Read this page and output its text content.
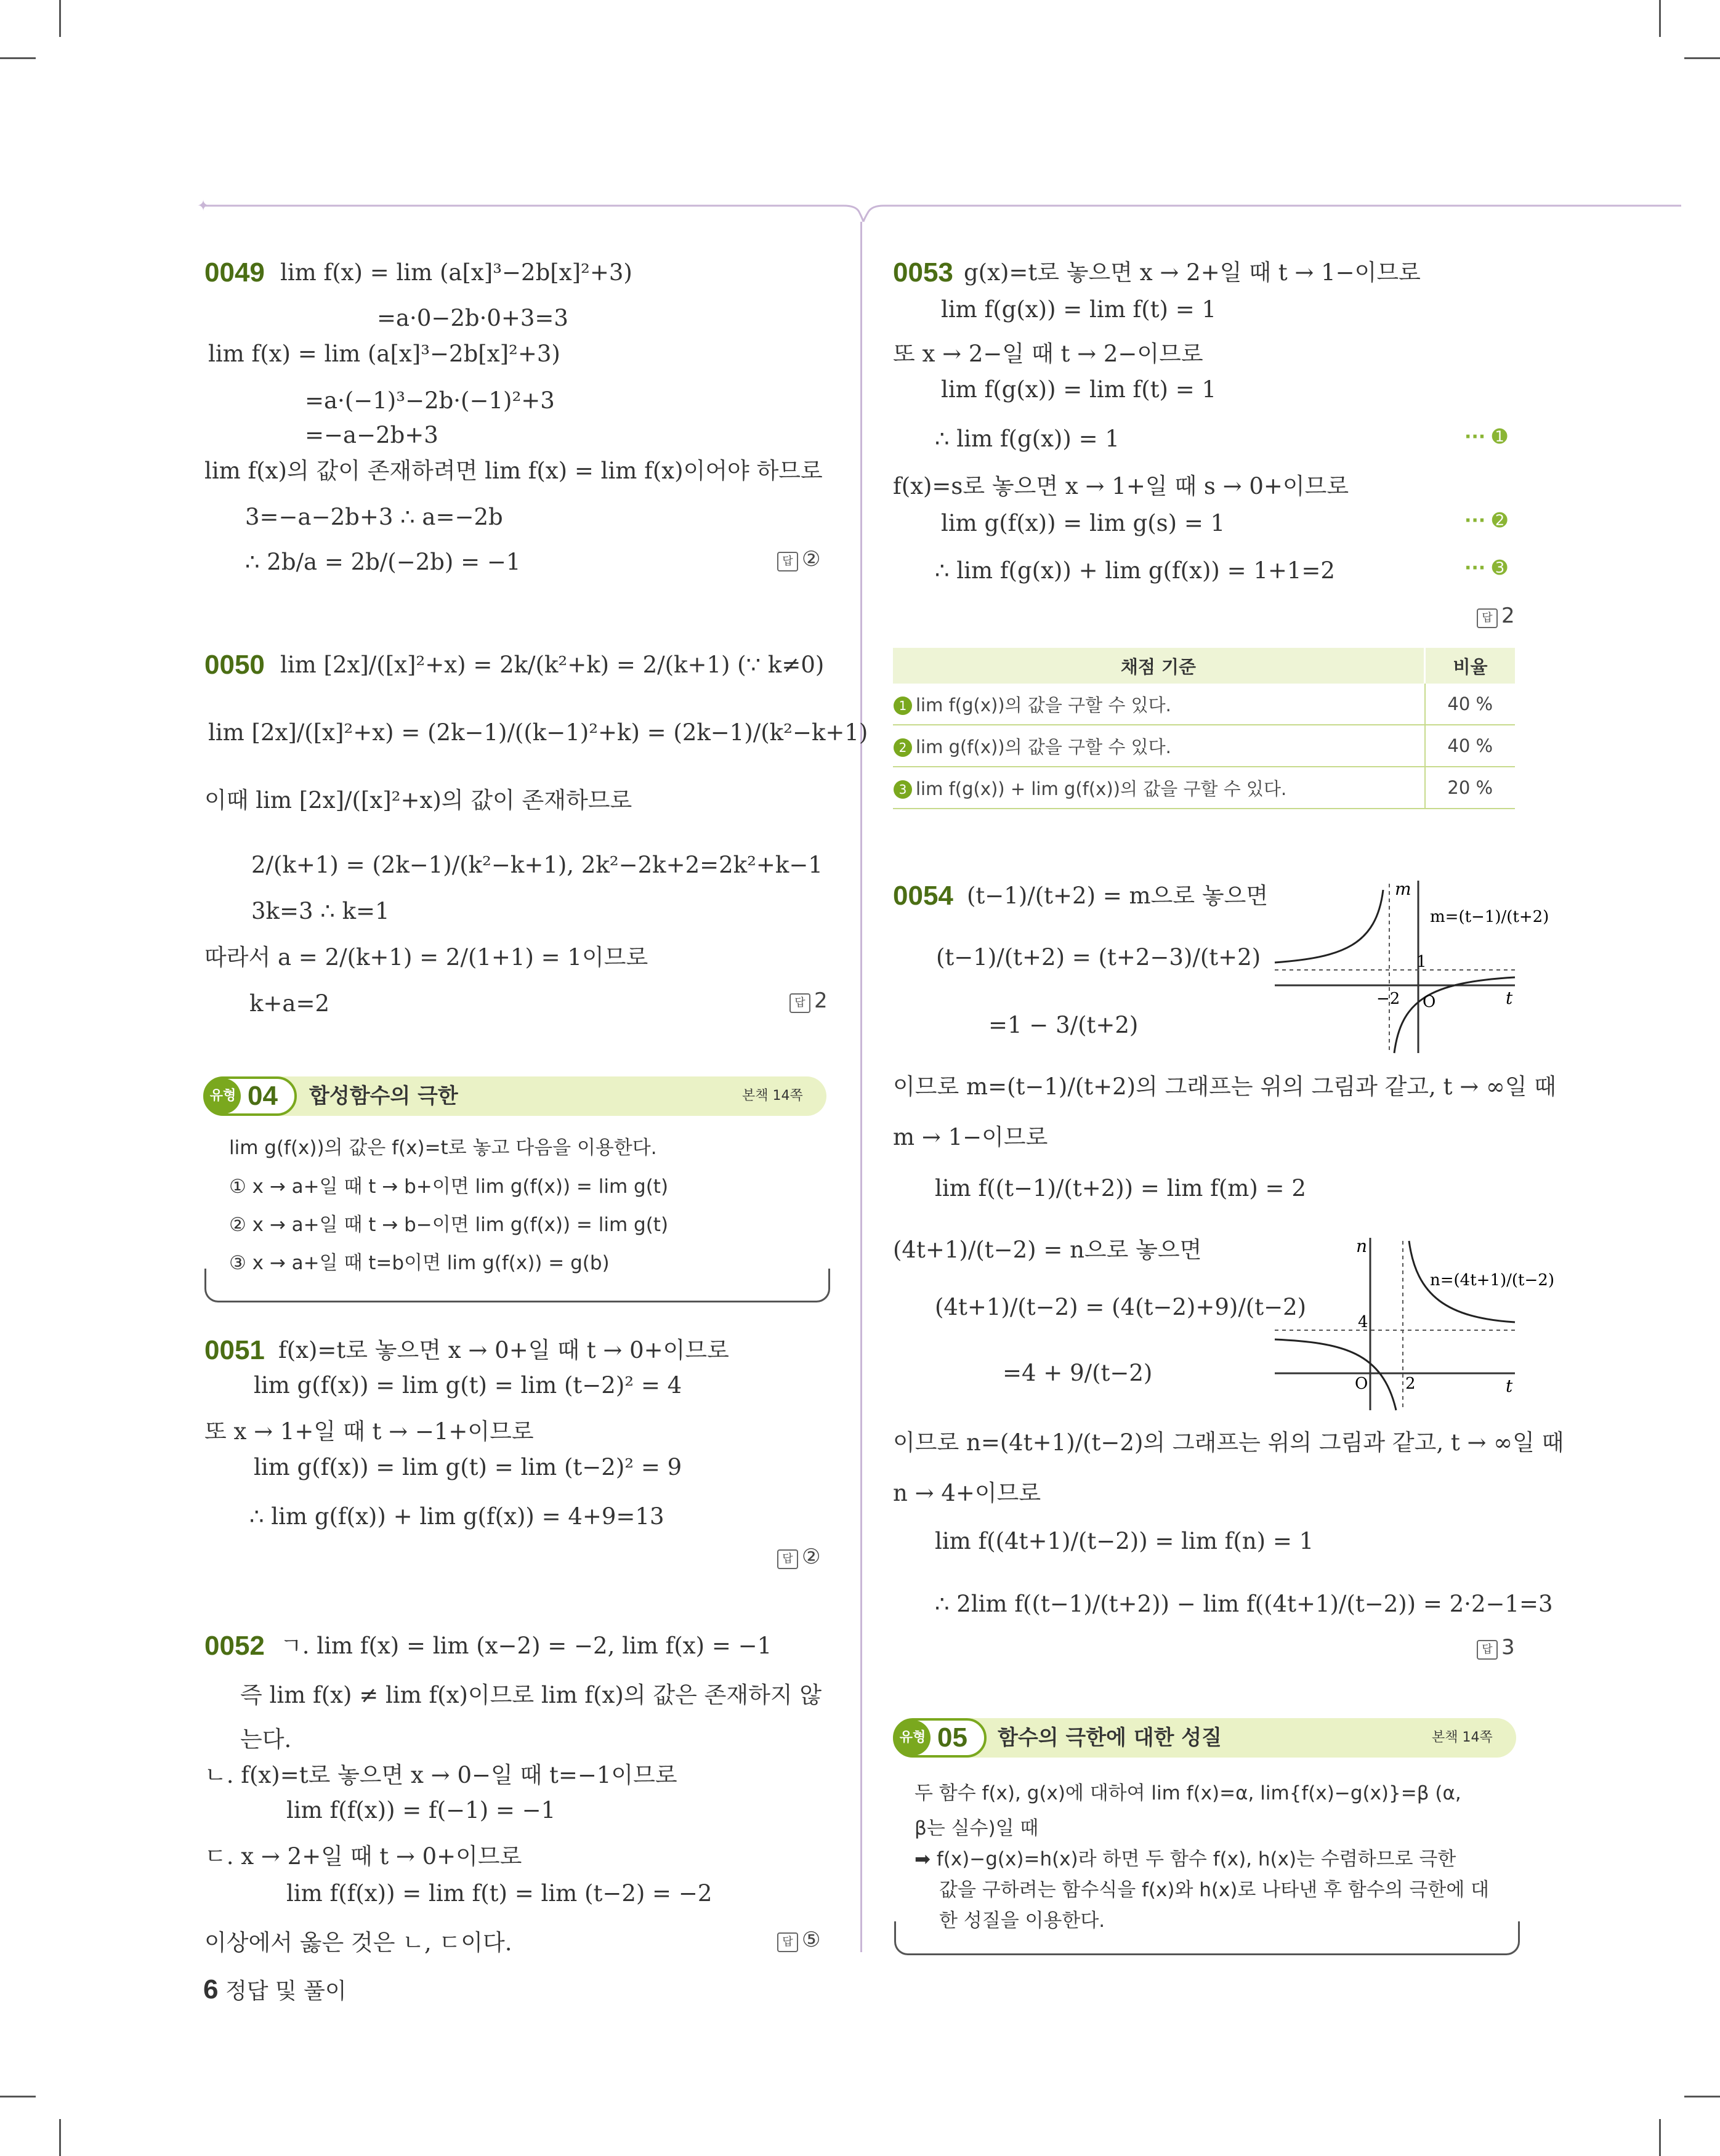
✦
0049 lim f(x) = lim (a[x]³−2b[x]²+3)
=a·0−2b·0+3=3
lim f(x) = lim (a[x]³−2b[x]²+3)
=a·(−1)³−2b·(−1)²+3
=−a−2b+3
lim f(x)의 값이 존재하려면 lim f(x) = lim f(x)이어야 하므로
3=−a−2b+3 ∴ a=−2b
∴ 2b/a = 2b/(−2b) = −1	답 ②
0050 lim [2x]/([x]²+x) = 2k/(k²+k) = 2/(k+1) (∵ k≠0)
lim [2x]/([x]²+x) = (2k−1)/((k−1)²+k) = (2k−1)/(k²−k+1)
이때 lim [2x]/([x]²+x)의 값이 존재하므로
2/(k+1) = (2k−1)/(k²−k+1), 2k²−2k+2=2k²+k−1
3k=3 ∴ k=1
따라서 a = 2/(k+1) = 2/(1+1) = 1이므로
k+a=2	답 2
유형 04 합성함수의 극한	본책 14쪽
lim g(f(x))의 값은 f(x)=t로 놓고 다음을 이용한다.
① x → a+일 때 t → b+이면 lim g(f(x)) = lim g(t)
② x → a+일 때 t → b−이면 lim g(f(x)) = lim g(t)
③ x → a+일 때 t=b이면 lim g(f(x)) = g(b)
0051 f(x)=t로 놓으면 x → 0+일 때 t → 0+이므로
lim g(f(x)) = lim g(t) = lim (t−2)² = 4
또 x → 1+일 때 t → −1+이므로
lim g(f(x)) = lim g(t) = lim (t−2)² = 9
∴ lim g(f(x)) + lim g(f(x)) = 4+9=13
답 ②
0052 ㄱ. lim f(x) = lim (x−2) = −2, lim f(x) = −1
즉 lim f(x) ≠ lim f(x)이므로 lim f(x)의 값은 존재하지 않
는다.
ㄴ. f(x)=t로 놓으면 x → 0−일 때 t=−1이므로
lim f(f(x)) = f(−1) = −1
ㄷ. x → 2+일 때 t → 0+이므로
lim f(f(x)) = lim f(t) = lim (t−2) = −2
이상에서 옳은 것은 ㄴ, ㄷ이다.	답 ⑤
0053 g(x)=t로 놓으면 x → 2+일 때 t → 1−이므로
lim f(g(x)) = lim f(t) = 1
또 x → 2−일 때 t → 2−이므로
lim f(g(x)) = lim f(t) = 1
∴ lim f(g(x)) = 1	··· ➊
f(x)=s로 놓으면 x → 1+일 때 s → 0+이므로
lim g(f(x)) = lim g(s) = 1	··· ➋
∴ lim f(g(x)) + lim g(f(x)) = 1+1=2	··· ➌
답 2
채점 기준	비율
1 lim f(g(x))의 값을 구할 수 있다.	40 %
2 lim g(f(x))의 값을 구할 수 있다.	40 %
3 lim f(g(x)) + lim g(f(x))의 값을 구할 수 있다.	20 %
0054 (t−1)/(t+2) = m으로 놓으면
(t−1)/(t+2) = (t+2−3)/(t+2)
=1 − 3/(t+2)
이므로 m=(t−1)/(t+2)의 그래프는 위의 그림과 같고, t → ∞일 때
m → 1−이므로
lim f((t−1)/(t+2)) = lim f(m) = 2
(4t+1)/(t−2) = n으로 놓으면
(4t+1)/(t−2) = (4(t−2)+9)/(t−2)
=4 + 9/(t−2)
이므로 n=(4t+1)/(t−2)의 그래프는 위의 그림과 같고, t → ∞일 때
n → 4+이므로
lim f((4t+1)/(t−2)) = lim f(n) = 1
∴ 2lim f((t−1)/(t+2)) − lim f((4t+1)/(t−2)) = 2·2−1=3
답 3
m
m=(t−1)/(t+2)
1
−2 O	t
n
n=(4t+1)/(t−2)
4
2
O	t
유형 05 함수의 극한에 대한 성질	본책 14쪽
두 함수 f(x), g(x)에 대하여 lim f(x)=α, lim{f(x)−g(x)}=β (α,
β는 실수)일 때
➡ f(x)−g(x)=h(x)라 하면 두 함수 f(x), h(x)는 수렴하므로 극한
값을 구하려는 함수식을 f(x)와 h(x)로 나타낸 후 함수의 극한에 대
한 성질을 이용한다.
6 정답 및 풀이
